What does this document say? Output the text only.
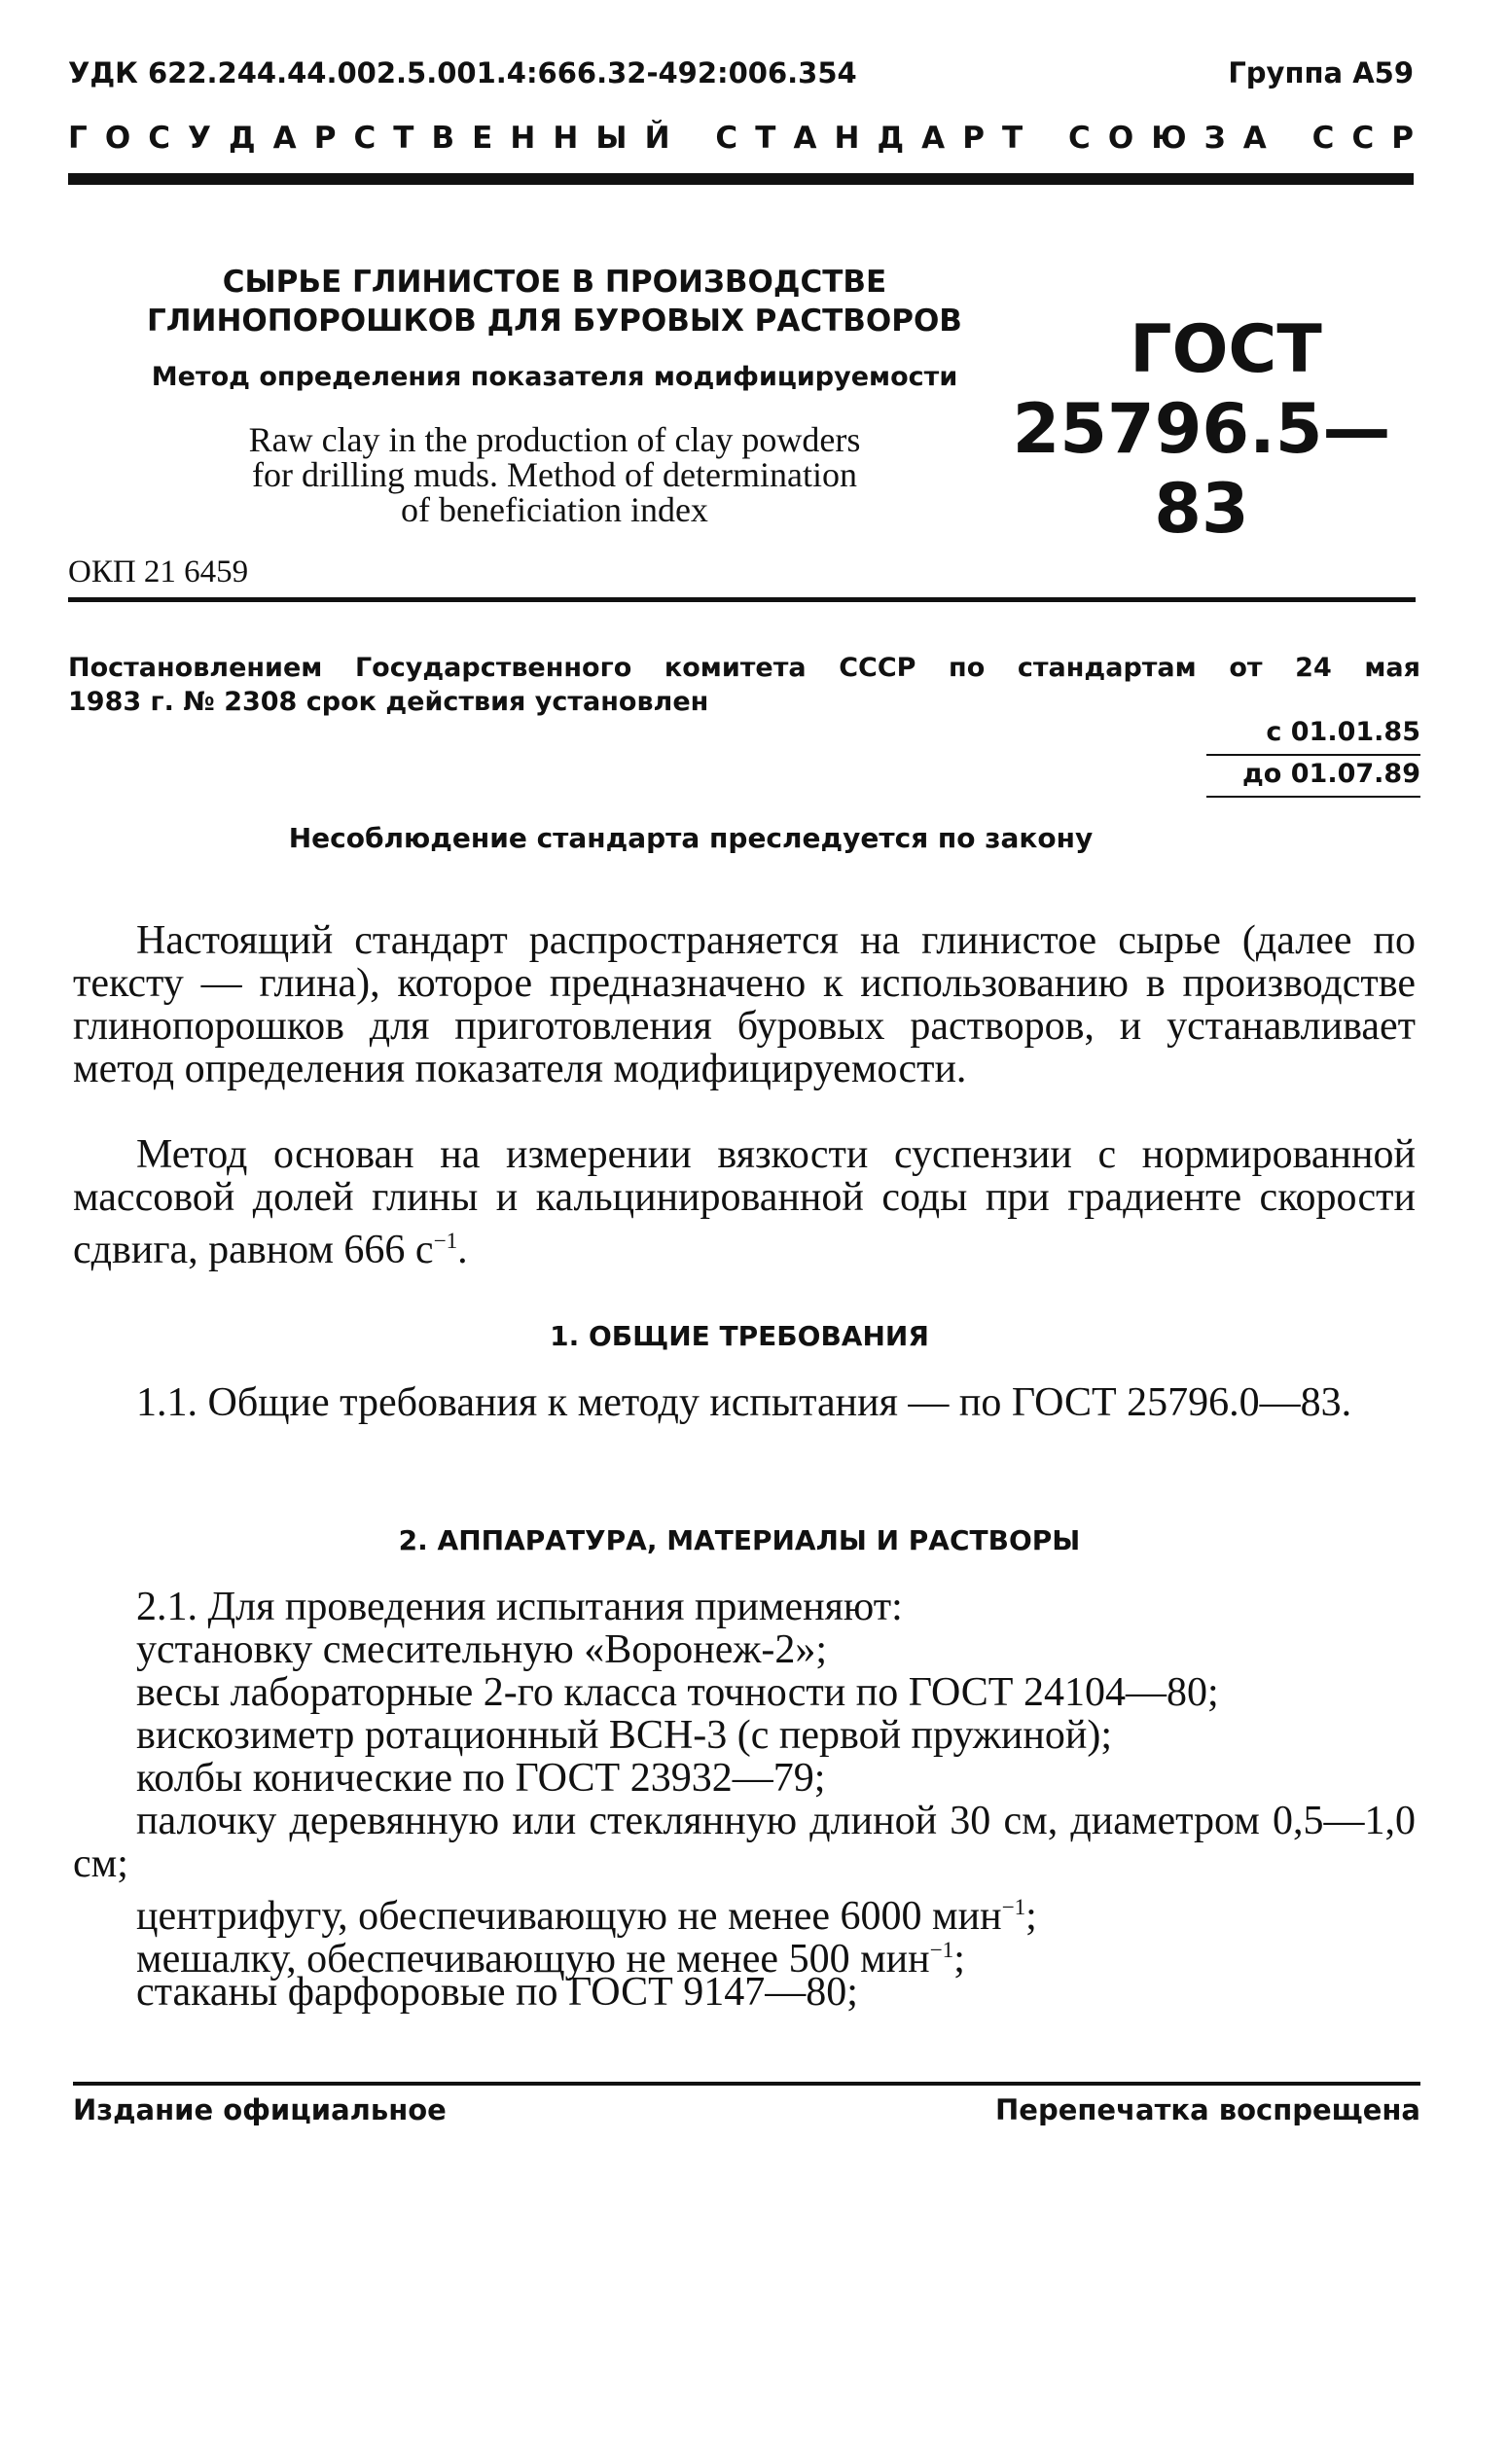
УДК 622.244.44.002.5.001.4:666.32-492:006.354	Группа А59
Г О С У Д А Р С Т В Е Н Н Ы Й
С Т А Н Д А Р Т
С О Ю З А
С С Р
СЫРЬЕ ГЛИНИСТОЕ В ПРОИЗВОДСТВЕ
ГЛИНОПОРОШКОВ ДЛЯ БУРОВЫХ РАСТВОРОВ
Метод определения показателя модифицируемости
Raw clay in the production of clay powders
for drilling muds. Method of determination
of beneficiation index
ОКП 21 6459
ГОСТ
25796.5—83
Постановлением Государственного комитета СССР по стандартам от 24 мая
1983 г. № 2308 срок действия установлен
с 01.01.85
до 01.07.89
Несоблюдение стандарта преследуется по закону
Настоящий стандарт распространяется на глинистое сырье (далее по тексту — глина), которое предназначено к использованию в производстве глинопорошков для приготовления буровых растворов, и устанавливает метод определения показателя модифицируемости.
Метод основан на измерении вязкости суспензии с нормированной массовой долей глины и кальцинированной соды при градиенте скорости сдвига, равном 666 $с^{-1}$.
1. ОБЩИЕ ТРЕБОВАНИЯ
1.1. Общие требования к методу испытания — по ГОСТ 25796.0—83.
2. АППАРАТУРА, МАТЕРИАЛЫ И РАСТВОРЫ
2.1. Для проведения испытания применяют:
установку смесительную «Воронеж-2»;
весы лабораторные 2-го класса точности по ГОСТ 24104—80;
вискозиметр ротационный ВСН-3 (с первой пружиной);
колбы конические по ГОСТ 23932—79;
палочку деревянную или стеклянную длиной 30 см, диаметром 0,5—1,0 см;
центрифугу, обеспечивающую не менее 6000 мин$^{-1}$;
мешалку, обеспечивающую не менее 500 мин$^{-1}$;
стаканы фарфоровые по ГОСТ 9147—80;
Издание официальное	Перепечатка воспрещена
